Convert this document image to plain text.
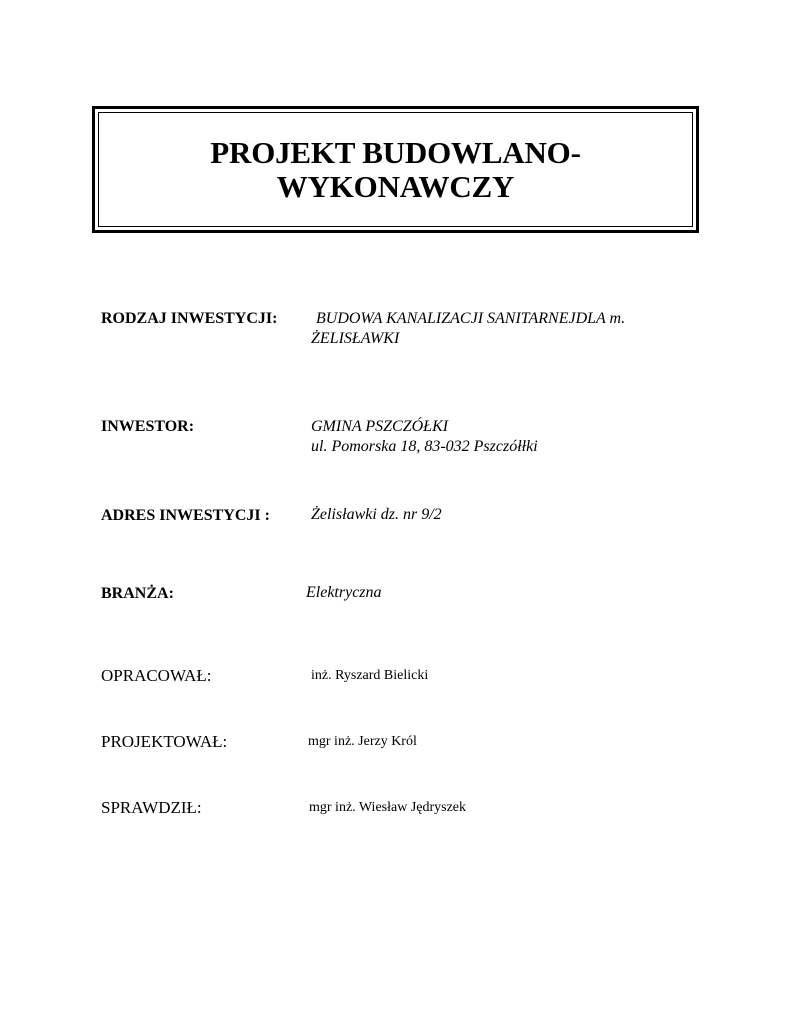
PROJEKT BUDOWLANO-
WYKONAWCZY
RODZAJ INWESTYCJI: BUDOWA KANALIZACJI SANITARNEJDLA m.
ŻELISŁAWKI
INWESTOR:	GMINA PSZCZÓŁKI
ul. Pomorska 18, 83-032 Pszczółłki
ADRES INWESTYCJI :	Żelisławki dz. nr 9/2
BRANŻA:	Elektryczna
OPRACOWAŁ:	inż. Ryszard Bielicki
PROJEKTOWAŁ:	mgr inż. Jerzy Król
SPRAWDZIŁ:	mgr inż. Wiesław Jędryszek
